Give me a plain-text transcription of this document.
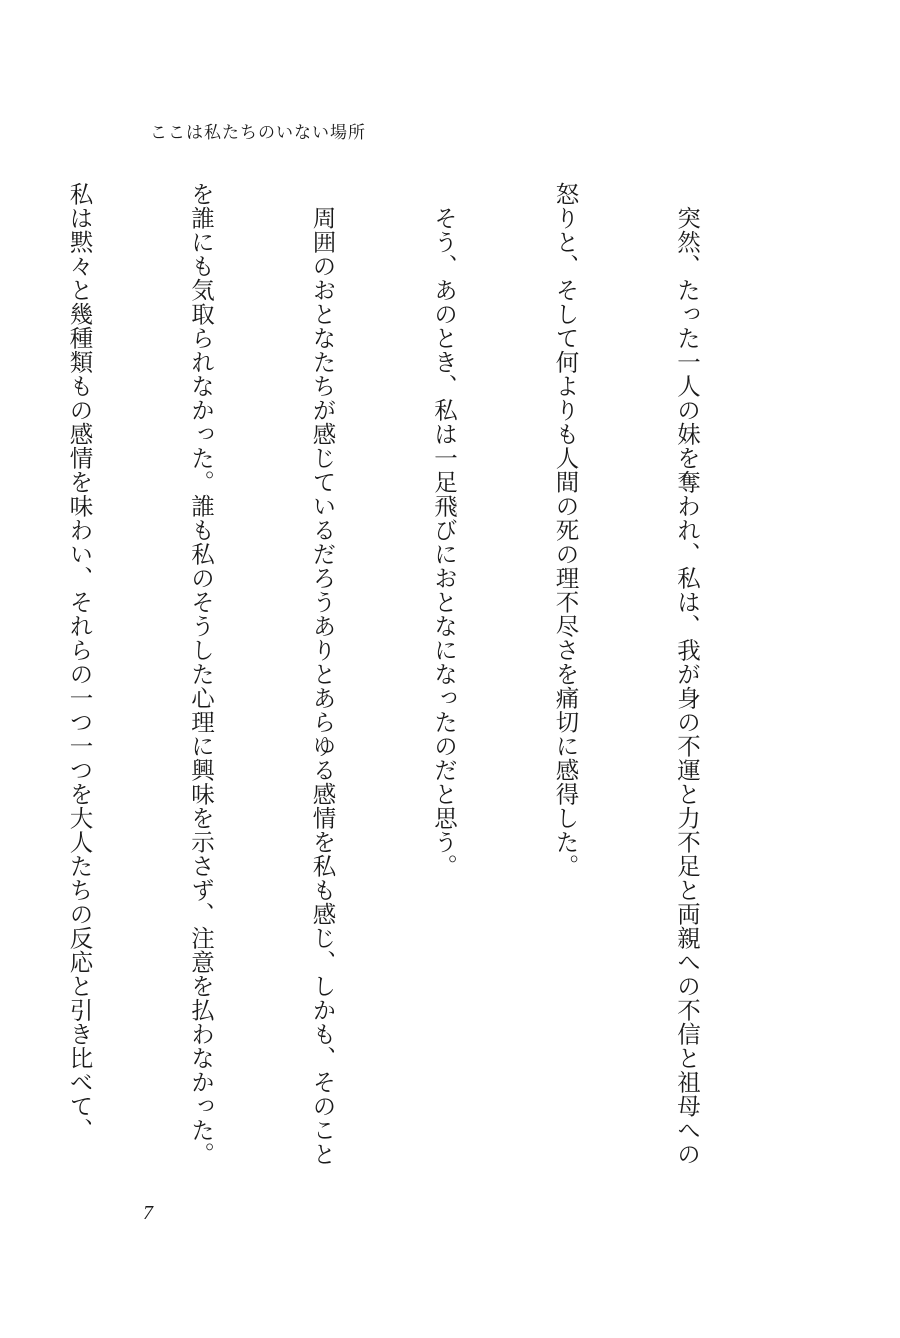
ここは私たちのいない場所

　突然、たった一人の妹を奪われ、私は、我が身の不運と力不足と両親への不信と祖母への

怒りと、そして何よりも人間の死の理不尽さを痛切に感得した。

　そう、あのとき、私は一足飛びにおとなになったのだと思う。

　周囲のおとなたちが感じているだろうありとあらゆる感情を私も感じ、しかも、そのこと

を誰にも気取られなかった。誰も私のそうした心理に興味を示さず、注意を払わなかった。

私は黙々と幾種類もの感情を味わい、それらの一つ一つを大人たちの反応と引き比べて、

7
